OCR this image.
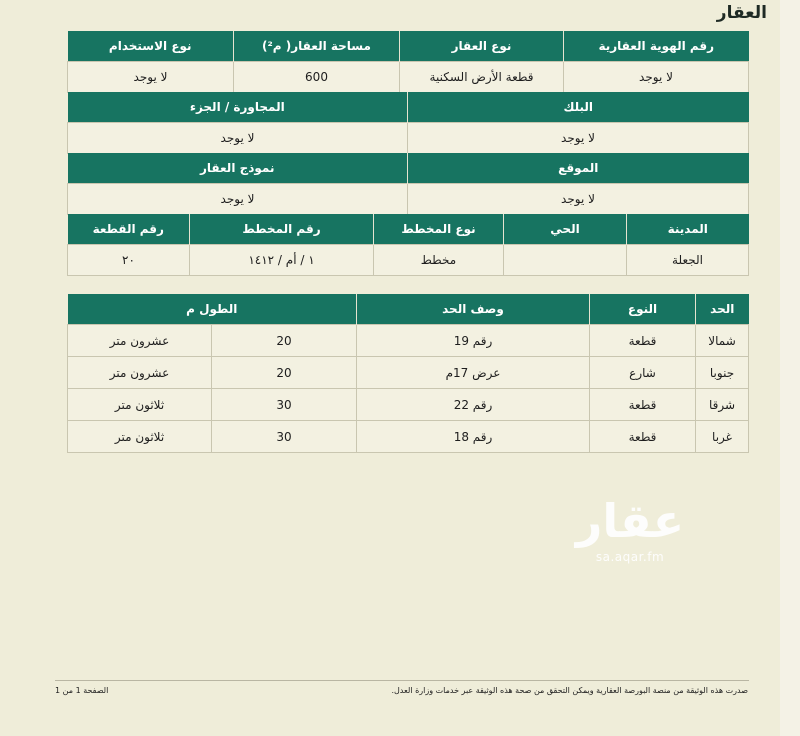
العقار
رقم الهوية العقارية	نوع العقار	مساحة العقار( م²)	نوع الاستخدام
لا يوجد	قطعة الأرض السكنية	600	لا يوجد
البلك	المجاورة / الجزء
لا يوجد	لا يوجد
الموقع	نموذج العقار
لا يوجد	لا يوجد
المدينة	الحي	نوع المخطط	رقم المخطط	رقم القطعة
الجعلة		مخطط	١ / أم / ١٤١٢	٢٠
الحد	النوع	وصف الحد	الطول م	
شمالا	قطعة	رقم 19	20	عشرون متر
جنوبا	شارع	عرض 17م	20	عشرون متر
شرقا	قطعة	رقم 22	30	ثلاثون متر
غربا	قطعة	رقم 18	30	ثلاثون متر
عقار
sa.aqar.fm
صدرت هذه الوثيقة من منصة البورصة العقارية ويمكن التحقق من صحة هذه الوثيقة عبر خدمات وزارة العدل.
الصفحة 1 من 1
